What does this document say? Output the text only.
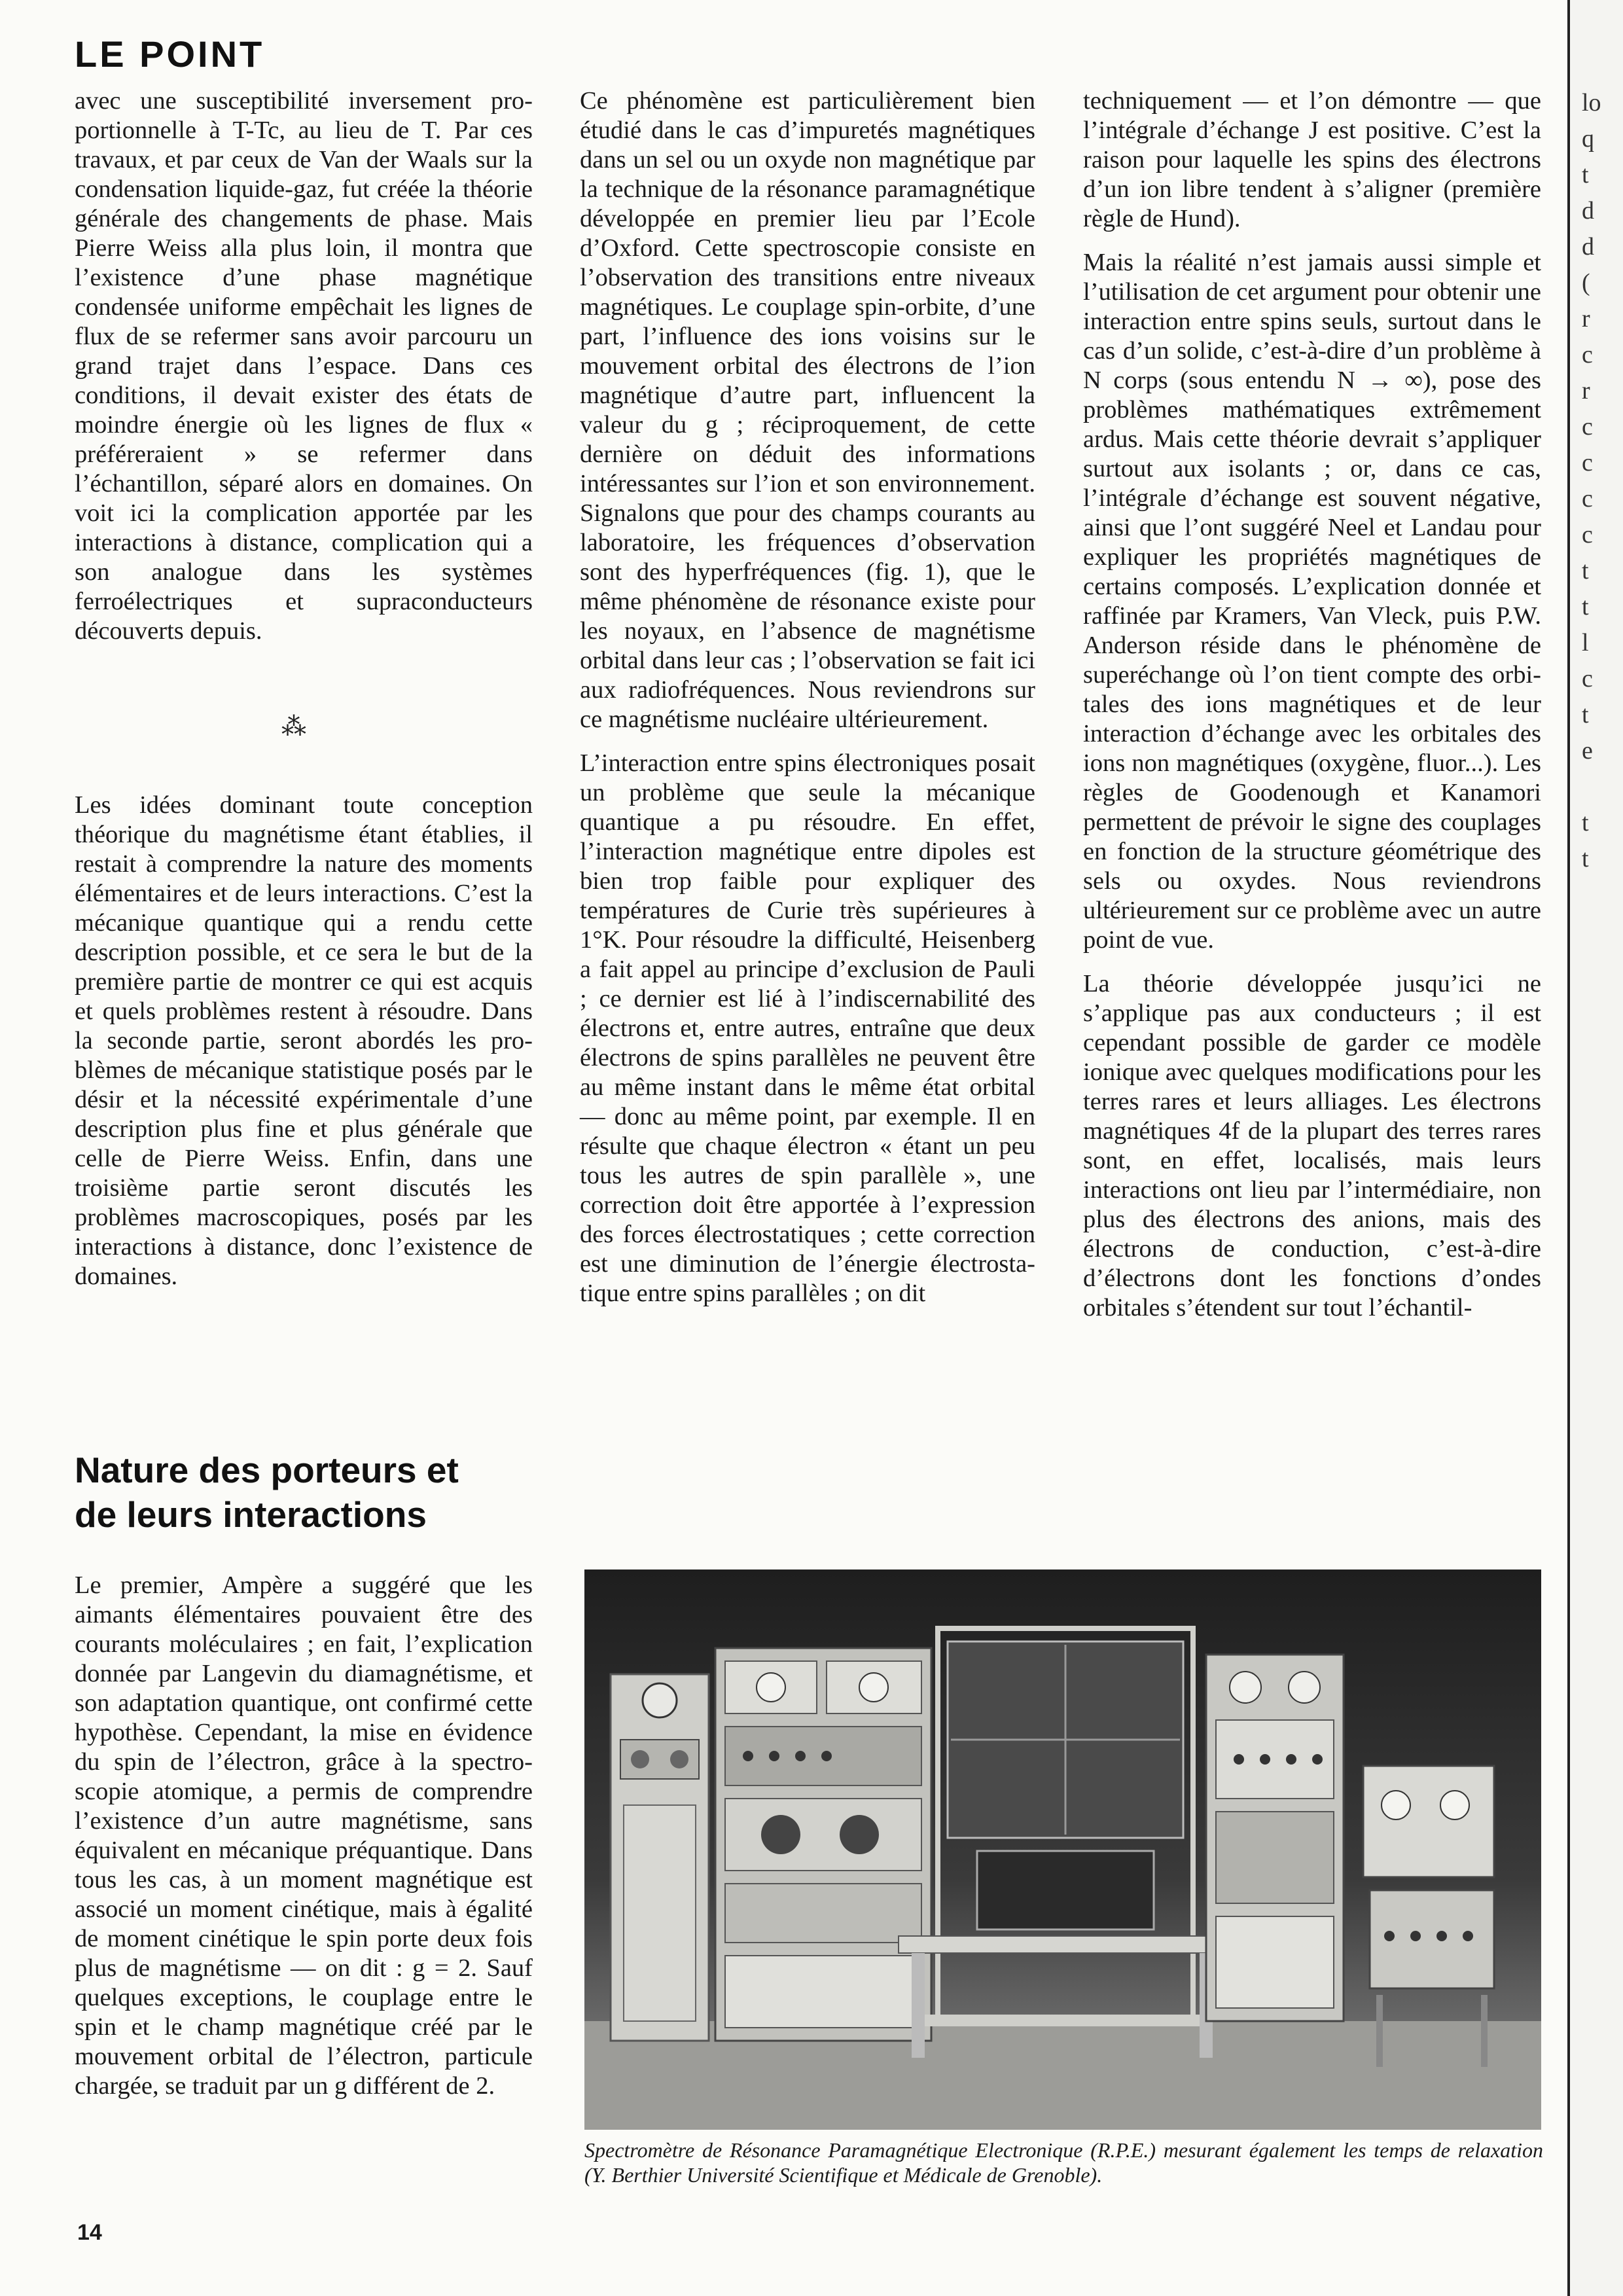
LE POINT

avec une susceptibilité inversement proportionnelle à T-Tc, au lieu de T. Par ces travaux, et par ceux de Van der Waals sur la condensation liquide-gaz, fut créée la théorie générale des changements de phase. Mais Pierre Weiss alla plus loin, il montra que l’existence d’une phase magnétique condensée uniforme empêchait les lignes de flux de se refermer sans avoir parcouru un grand trajet dans l’espace. Dans ces conditions, il devait exister des états de moindre énergie où les lignes de flux « préféreraient » se refermer dans l’échantillon, séparé alors en domaines. On voit ici la complication apportée par les interactions à distance, complication qui a son analogue dans les systèmes ferroélectriques et supraconducteurs découverts depuis.

⁂

Les idées dominant toute conception théorique du magnétisme étant établies, il restait à comprendre la nature des moments élémentaires et de leurs interactions. C’est la mécanique quantique qui a rendu cette description possible, et ce sera le but de la première partie de montrer ce qui est acquis et quels problèmes restent à résoudre. Dans la seconde partie, seront abordés les problèmes de mécanique statistique posés par le désir et la nécessité expérimentale d’une description plus fine et plus générale que celle de Pierre Weiss. Enfin, dans une troisième partie seront discutés les problèmes macroscopiques, posés par les interactions à distance, donc l’existence de domaines.

Ce phénomène est particulièrement bien étudié dans le cas d’impuretés magnétiques dans un sel ou un oxyde non magnétique par la technique de la résonance paramagnétique développée en premier lieu par l’Ecole d’Oxford. Cette spectroscopie consiste en l’observation des transitions entre niveaux magnétiques. Le couplage spin-orbite, d’une part, l’influence des ions voisins sur le mouvement orbital des électrons de l’ion magnétique d’autre part, influencent la valeur du g ; réciproquement, de cette dernière on déduit des informations intéressantes sur l’ion et son environnement. Signalons que pour des champs courants au laboratoire, les fréquences d’observation sont des hyperfréquences (fig. 1), que le même phénomène de résonance existe pour les noyaux, en l’absence de magnétisme orbital dans leur cas ; l’observation se fait ici aux radiofréquences. Nous reviendrons sur ce magnétisme nucléaire ultérieurement.

L’interaction entre spins électroniques posait un problème que seule la mécanique quantique a pu résoudre. En effet, l’interaction magnétique entre dipoles est bien trop faible pour expliquer des températures de Curie très supérieures à 1°K. Pour résoudre la difficulté, Heisenberg a fait appel au principe d’exclusion de Pauli ; ce dernier est lié à l’indiscernabilité des électrons et, entre autres, entraîne que deux électrons de spins parallèles ne peuvent être au même instant dans le même état orbital — donc au même point, par exemple. Il en résulte que chaque électron « étant un peu tous les autres de spin parallèle », une correction doit être apportée à l’expression des forces électrostatiques ; cette correction est une diminution de l’énergie électrostatique entre spins parallèles ; on dit

techniquement — et l’on démontre — que l’intégrale d’échange J est positive. C’est la raison pour laquelle les spins des électrons d’un ion libre tendent à s’aligner (première règle de Hund).

Mais la réalité n’est jamais aussi simple et l’utilisation de cet argument pour obtenir une interaction entre spins seuls, surtout dans le cas d’un solide, c’est-à-dire d’un problème à N corps (sous entendu N → ∞), pose des problèmes mathématiques extrêmement ardus. Mais cette théorie devrait s’appliquer surtout aux isolants ; or, dans ce cas, l’intégrale d’échange est souvent négative, ainsi que l’ont suggéré Neel et Landau pour expliquer les propriétés magnétiques de certains composés. L’explication donnée et raffinée par Kramers, Van Vleck, puis P.W. Anderson réside dans le phénomène de superéchange où l’on tient compte des orbitales des ions magnétiques et de leur interaction d’échange avec les orbitales des ions non magnétiques (oxygène, fluor...). Les règles de Goodenough et Kanamori permettent de prévoir le signe des couplages en fonction de la structure géométrique des sels ou oxydes. Nous reviendrons ultérieurement sur ce problème avec un autre point de vue.

La théorie développée jusqu’ici ne s’applique pas aux conducteurs ; il est cependant possible de garder ce modèle ionique avec quelques modifications pour les terres rares et leurs alliages. Les électrons magnétiques 4f de la plupart des terres rares sont, en effet, localisés, mais leurs interactions ont lieu par l’intermédiaire, non plus des électrons des anions, mais des électrons de conduction, c’est-à-dire d’électrons dont les fonctions d’ondes orbitales s’étendent sur tout l’échantil-

Nature des porteurs et
de leurs interactions

Le premier, Ampère a suggéré que les aimants élémentaires pouvaient être des courants moléculaires ; en fait, l’explication donnée par Langevin du diamagnétisme, et son adaptation quantique, ont confirmé cette hypothèse. Cependant, la mise en évidence du spin de l’électron, grâce à la spectroscopie atomique, a permis de comprendre l’existence d’un autre magnétisme, sans équivalent en mécanique préquantique. Dans tous les cas, à un moment magnétique est associé un moment cinétique, mais à égalité de moment cinétique le spin porte deux fois plus de magnétisme — on dit : g = 2. Sauf quelques exceptions, le couplage entre le spin et le champ magnétique créé par le mouvement orbital de l’électron, particule chargée, se traduit par un g différent de 2.

Spectromètre de Résonance Paramagnétique Electronique (R.P.E.) mesurant également les temps de relaxation (Y. Berthier Université Scientifique et Médicale de Grenoble).
14
lo
q
t
d
d
(
r
c
r
c
c
c
c
t
t
l
c
t
e

t
t
